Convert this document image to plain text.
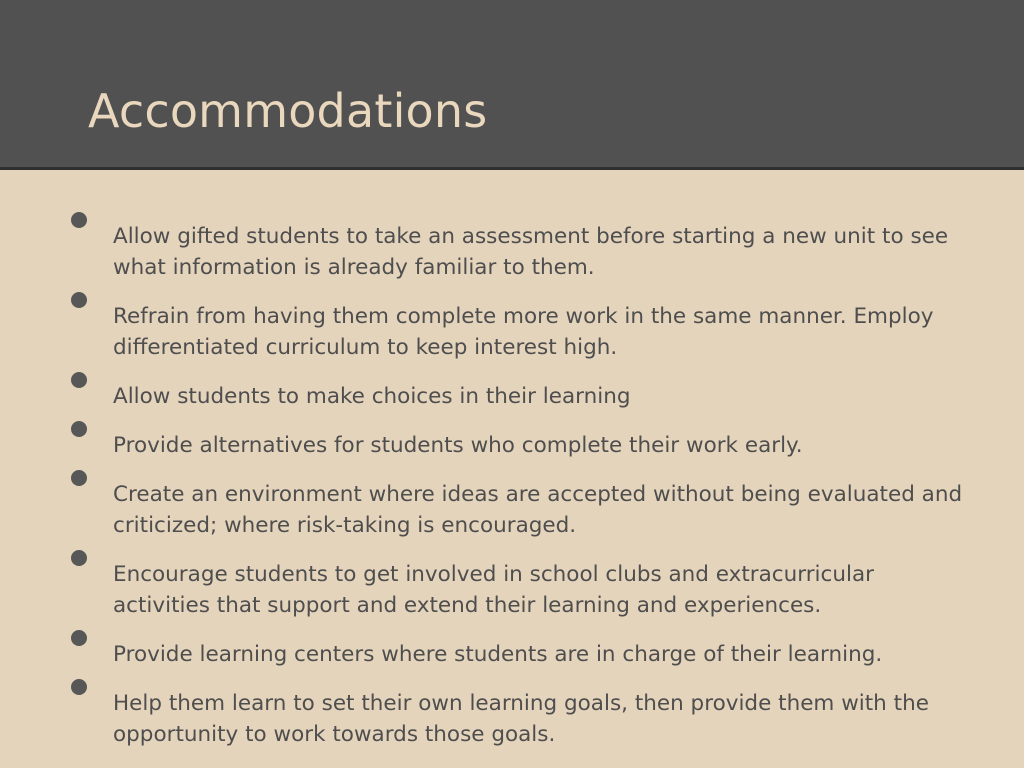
Accommodations
Allow gifted students to take an assessment before starting a new unit to see what information is already familiar to them.
Refrain from having them complete more work in the same manner. Employ differentiated curriculum to keep interest high.
Allow students to make choices in their learning
Provide alternatives for students who complete their work early.
Create an environment where ideas are accepted without being evaluated and criticized; where risk-taking is encouraged.
Encourage students to get involved in school clubs and extracurricular activities that support and extend their learning and experiences.
Provide learning centers where students are in charge of their learning.
Help them learn to set their own learning goals, then provide them with the opportunity to work towards those goals.
